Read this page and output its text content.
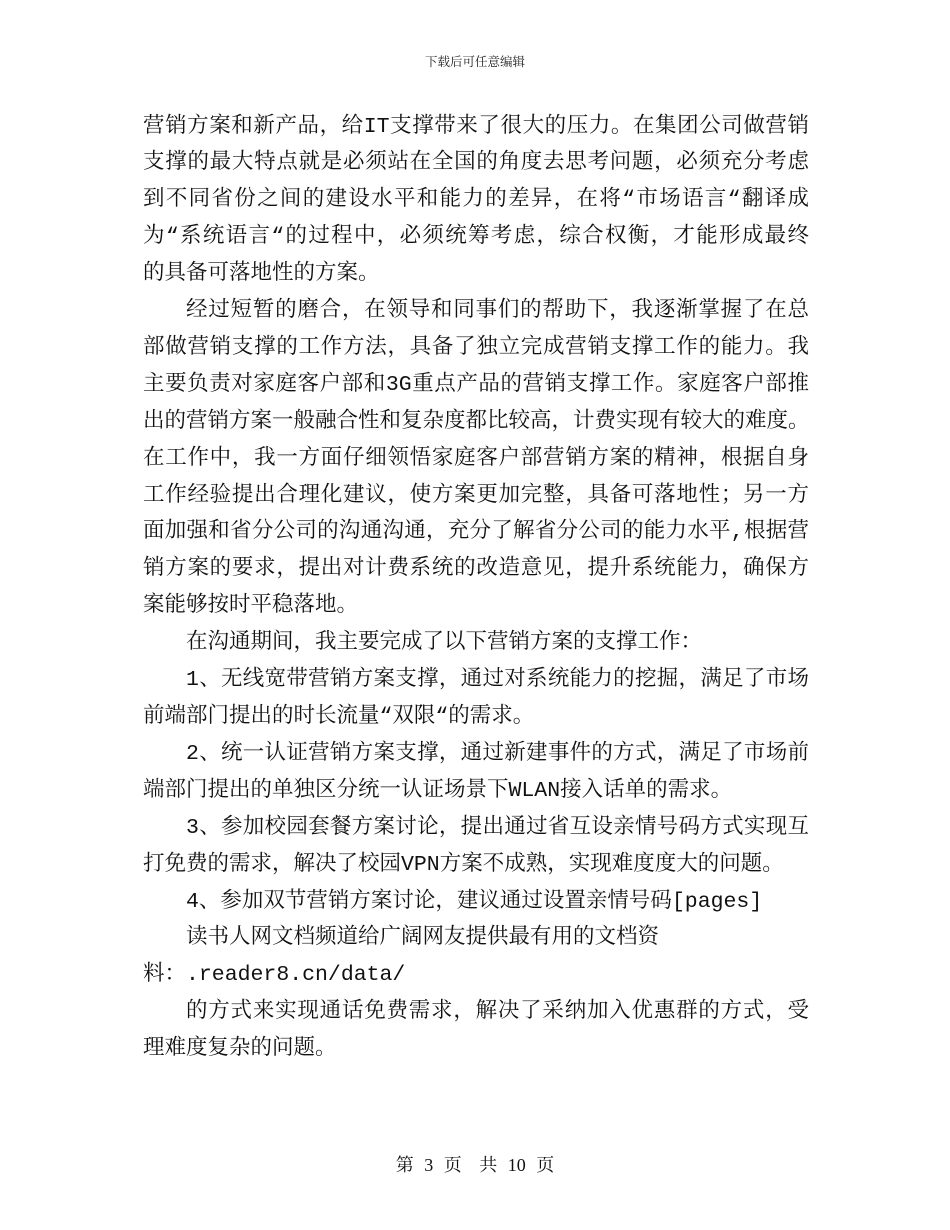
下载后可任意编辑
营销方案和新产品，给IT支撑带来了很大的压力。在集团公司做营销
支撑的最大特点就是必须站在全国的角度去思考问题，必须充分考虑
到不同省份之间的建设水平和能力的差异，在将“市场语言“翻译成
为“系统语言“的过程中，必须统筹考虑，综合权衡，才能形成最终
的具备可落地性的方案。
经过短暂的磨合，在领导和同事们的帮助下，我逐渐掌握了在总
部做营销支撑的工作方法，具备了独立完成营销支撑工作的能力。我
主要负责对家庭客户部和3G重点产品的营销支撑工作。家庭客户部推
出的营销方案一般融合性和复杂度都比较高，计费实现有较大的难度。
在工作中，我一方面仔细领悟家庭客户部营销方案的精神，根据自身
工作经验提出合理化建议，使方案更加完整，具备可落地性；另一方
面加强和省分公司的沟通沟通，充分了解省分公司的能力水平,根据营
销方案的要求，提出对计费系统的改造意见，提升系统能力，确保方
案能够按时平稳落地。
在沟通期间，我主要完成了以下营销方案的支撑工作：
1、无线宽带营销方案支撑，通过对系统能力的挖掘，满足了市场
前端部门提出的时长流量“双限“的需求。
2、统一认证营销方案支撑，通过新建事件的方式，满足了市场前
端部门提出的单独区分统一认证场景下WLAN接入话单的需求。
3、参加校园套餐方案讨论，提出通过省互设亲情号码方式实现互
打免费的需求，解决了校园VPN方案不成熟，实现难度度大的问题。
4、参加双节营销方案讨论，建议通过设置亲情号码[pages]
读书人网文档频道给广阔网友提供最有用的文档资
料：.reader8.cn/data/
的方式来实现通话免费需求，解决了采纳加入优惠群的方式，受
理难度复杂的问题。
第 3 页 共 10 页
